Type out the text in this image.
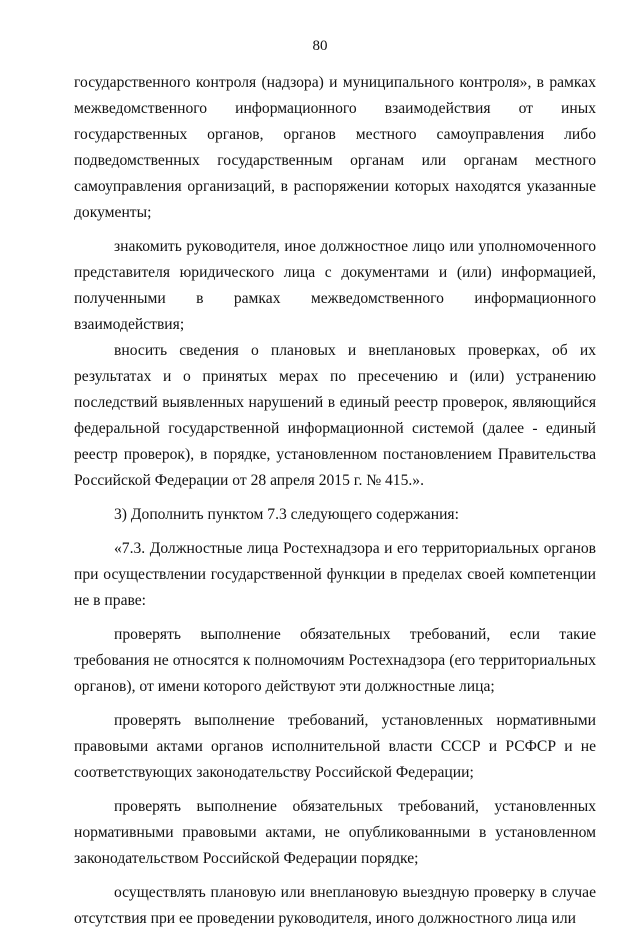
80

государственного контроля (надзора) и муниципального контроля», в рамках межведомственного информационного взаимодействия от иных государственных органов, органов местного самоуправления либо подведомственных государственным органам или органам местного самоуправления организаций, в распоряжении которых находятся указанные документы;

знакомить руководителя, иное должностное лицо или уполномоченного представителя юридического лица с документами и (или) информацией, полученными в рамках межведомственного информационного взаимодействия;

вносить сведения о плановых и внеплановых проверках, об их результатах и о принятых мерах по пресечению и (или) устранению последствий выявленных нарушений в единый реестр проверок, являющийся федеральной государственной информационной системой (далее - единый реестр проверок), в порядке, установленном постановлением Правительства Российской Федерации от 28 апреля 2015 г. № 415.».

3) Дополнить пунктом 7.3 следующего содержания:

«7.3. Должностные лица Ростехнадзора и его территориальных органов при осуществлении государственной функции в пределах своей компетенции не в праве:

проверять выполнение обязательных требований, если такие требования не относятся к полномочиям Ростехнадзора (его территориальных органов), от имени которого действуют эти должностные лица;

проверять выполнение требований, установленных нормативными правовыми актами органов исполнительной власти СССР и РСФСР и не соответствующих законодательству Российской Федерации;

проверять выполнение обязательных требований, установленных нормативными правовыми актами, не опубликованными в установленном законодательством Российской Федерации порядке;

осуществлять плановую или внеплановую выездную проверку в случае отсутствия при ее проведении руководителя, иного должностного лица или
